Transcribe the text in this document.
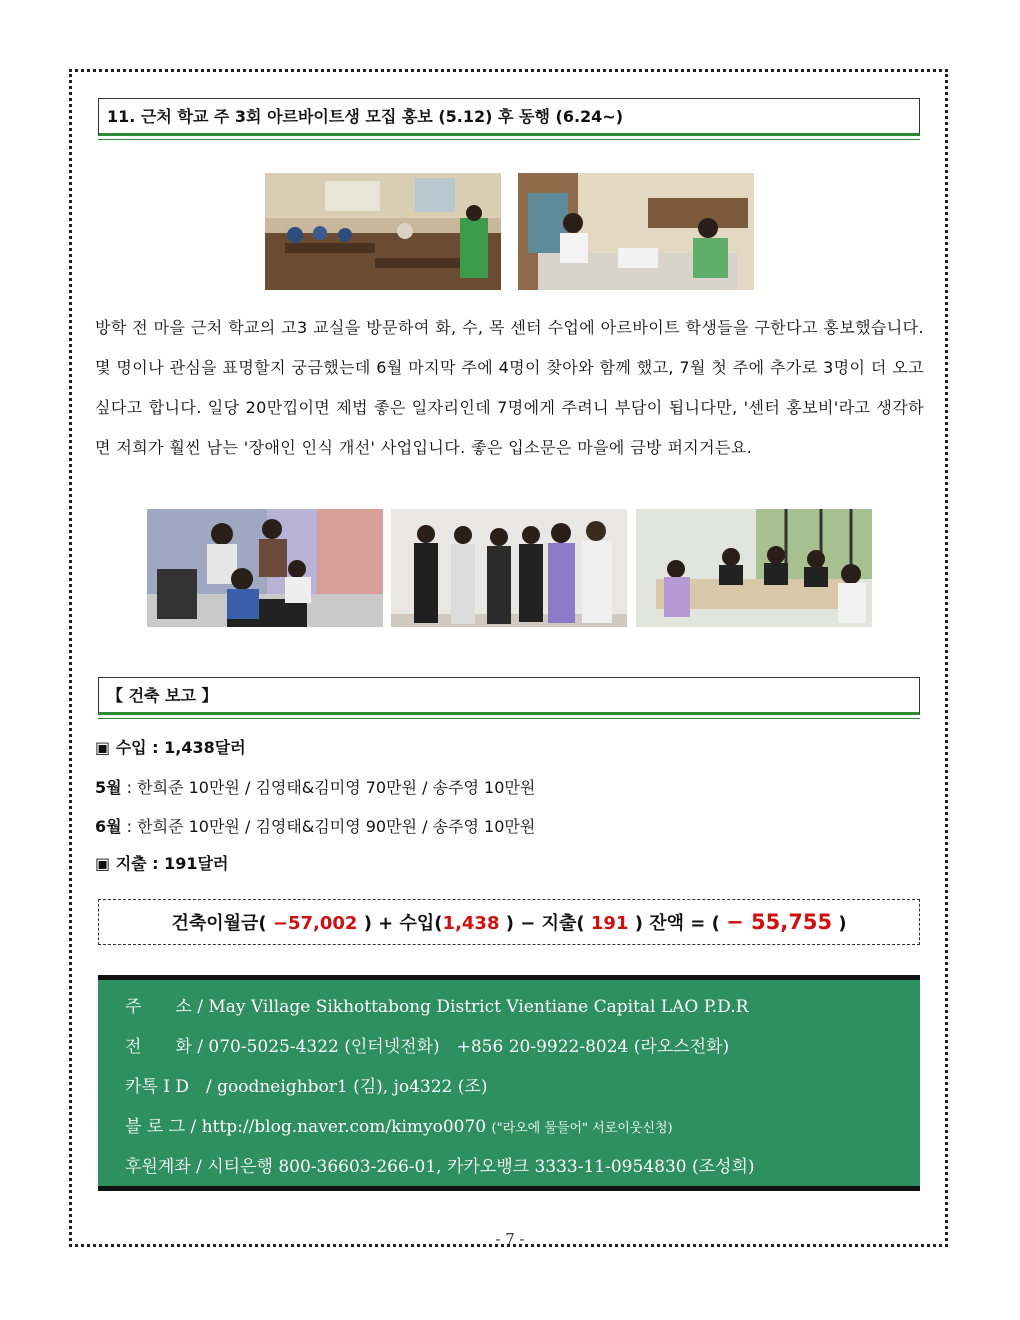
11. 근처 학교 주 3회 아르바이트생 모집 홍보 (5.12) 후 동행 (6.24~)
방학 전 마을 근처 학교의 고3 교실을 방문하여 화, 수, 목 센터 수업에 아르바이트 학생들을 구한다고 홍보했습니다. 몇 명이나 관심을 표명할지 궁금했는데 6월 마지막 주에 4명이 찾아와 함께 했고, 7월 첫 주에 추가로 3명이 더 오고 싶다고 합니다. 일당 20만낍이면 제법 좋은 일자리인데 7명에게 주려니 부담이 됩니다만, '센터 홍보비'라고 생각하면 저희가 훨씬 남는 '장애인 인식 개선' 사업입니다. 좋은 입소문은 마을에 금방 퍼지거든요.
【 건축 보고 】
▣ 수입 : 1,438달러
5월 : 한희준 10만원 / 김영태&김미영 70만원 / 송주영 10만원
6월 : 한희준 10만원 / 김영태&김미영 90만원 / 송주영 10만원
▣ 지출 : 191달러
건축이월금( −57,002 ) + 수입(1,438 ) − 지출( 191 ) 잔액 = ( − 55,755 )
주　　소 / May Village Sikhottabong District Vientiane Capital LAO P.D.R
전　　화 / 070-5025-4322 (인터넷전화)　+856 20-9922-8024 (라오스전화)
카톡 I D　/ goodneighbor1 (김), jo4322 (조)
블 로 그 / http://blog.naver.com/kimyo0070 ("라오에 물들어" 서로이웃신청)
후원계좌 / 시티은행 800-36603-266-01, 카카오뱅크 3333-11-0954830 (조성희)
- 7 -
